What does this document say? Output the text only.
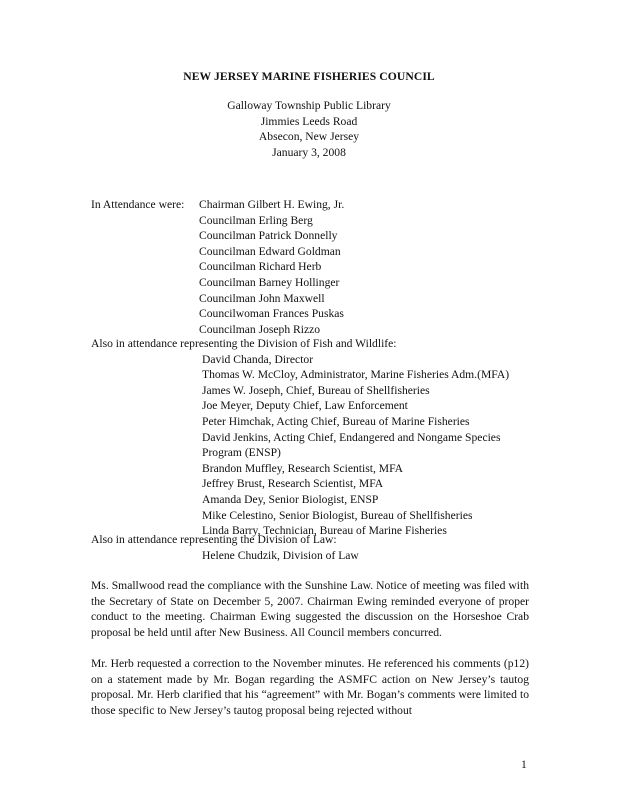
NEW JERSEY MARINE FISHERIES COUNCIL
Galloway Township Public Library
Jimmies Leeds Road
Absecon, New Jersey
January 3, 2008
In Attendance were: Chairman Gilbert H. Ewing, Jr.
Councilman Erling Berg
Councilman Patrick Donnelly
Councilman Edward Goldman
Councilman Richard Herb
Councilman Barney Hollinger
Councilman John Maxwell
Councilwoman Frances Puskas
Councilman Joseph Rizzo
Also in attendance representing the Division of Fish and Wildlife:
David Chanda, Director
Thomas W. McCloy, Administrator, Marine Fisheries Adm.(MFA)
James W. Joseph, Chief, Bureau of Shellfisheries
Joe Meyer, Deputy Chief, Law Enforcement
Peter Himchak, Acting Chief, Bureau of Marine Fisheries
David Jenkins, Acting Chief, Endangered and Nongame Species
Program (ENSP)
Brandon Muffley, Research Scientist, MFA
Jeffrey Brust, Research Scientist, MFA
Amanda Dey, Senior Biologist, ENSP
Mike Celestino, Senior Biologist, Bureau of Shellfisheries
Linda Barry, Technician, Bureau of Marine Fisheries
Also in attendance representing the Division of Law:
Helene Chudzik, Division of Law
Ms. Smallwood read the compliance with the Sunshine Law. Notice of meeting was filed with the Secretary of State on December 5, 2007. Chairman Ewing reminded everyone of proper conduct to the meeting. Chairman Ewing suggested the discussion on the Horseshoe Crab proposal be held until after New Business. All Council members concurred.
Mr. Herb requested a correction to the November minutes. He referenced his comments (p12) on a statement made by Mr. Bogan regarding the ASMFC action on New Jersey’s tautog proposal. Mr. Herb clarified that his “agreement” with Mr. Bogan’s comments were limited to those specific to New Jersey’s tautog proposal being rejected without
1
